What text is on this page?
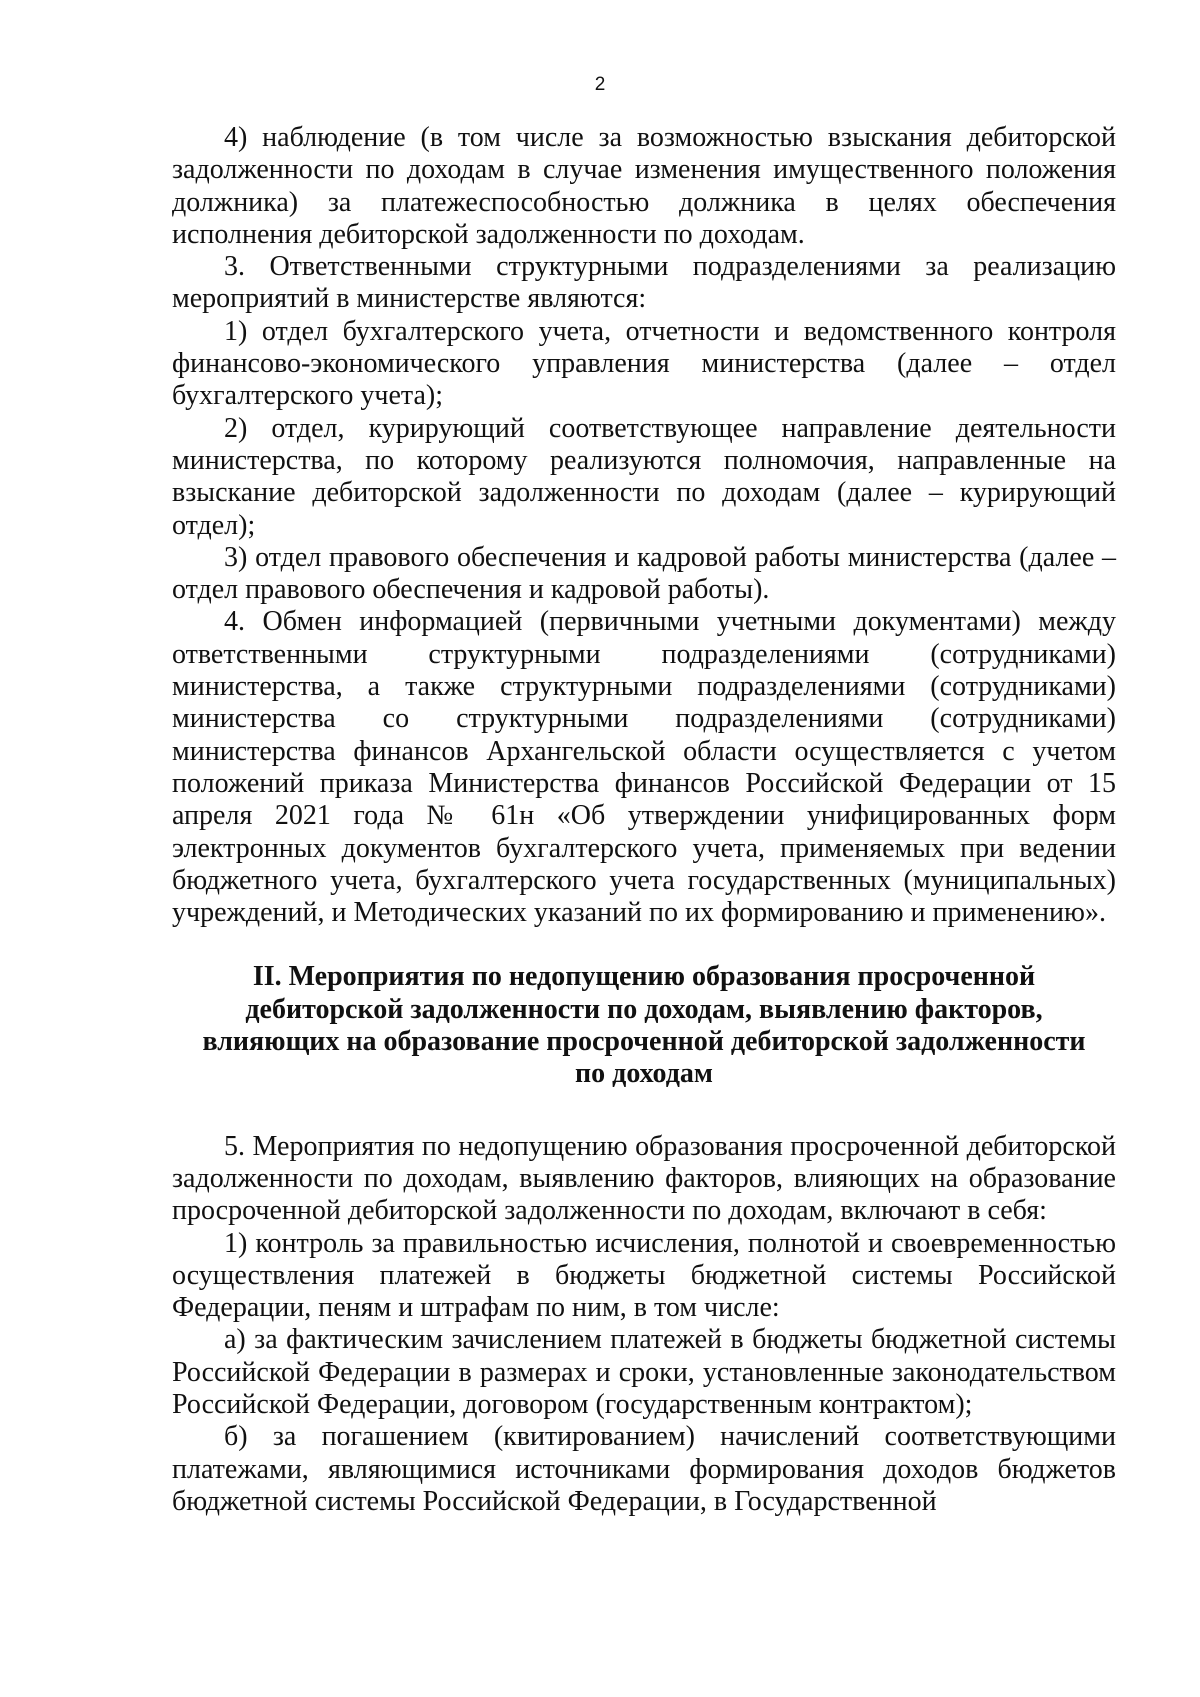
2

4) наблюдение (в том числе за возможностью взыскания дебиторской задолженности по доходам в случае изменения имущественного положения должника) за платежеспособностью должника в целях обеспечения исполнения дебиторской задолженности по доходам.

3. Ответственными структурными подразделениями за реализацию мероприятий в министерстве являются:

1) отдел бухгалтерского учета, отчетности и ведомственного контроля финансово-экономического управления министерства (далее – отдел бухгалтерского учета);

2) отдел, курирующий соответствующее направление деятельности министерства, по которому реализуются полномочия, направленные на взыскание дебиторской задолженности по доходам (далее – курирующий отдел);

3) отдел правового обеспечения и кадровой работы министерства (далее – отдел правового обеспечения и кадровой работы).

4. Обмен информацией (первичными учетными документами) между ответственными структурными подразделениями (сотрудниками) министерства, а также структурными подразделениями (сотрудниками) министерства со структурными подразделениями (сотрудниками) министерства финансов Архангельской области осуществляется с учетом положений приказа Министерства финансов Российской Федерации от 15 апреля 2021 года № 61н «Об утверждении унифицированных форм электронных документов бухгалтерского учета, применяемых при ведении бюджетного учета, бухгалтерского учета государственных (муниципальных) учреждений, и Методических указаний по их формированию и применению».

II. Мероприятия по недопущению образования просроченной
дебиторской задолженности по доходам, выявлению факторов,
влияющих на образование просроченной дебиторской задолженности
по доходам

5. Мероприятия по недопущению образования просроченной дебиторской задолженности по доходам, выявлению факторов, влияющих на образование просроченной дебиторской задолженности по доходам, включают в себя:

1) контроль за правильностью исчисления, полнотой и своевременностью осуществления платежей в бюджеты бюджетной системы Российской Федерации, пеням и штрафам по ним, в том числе:

а) за фактическим зачислением платежей в бюджеты бюджетной системы Российской Федерации в размерах и сроки, установленные законодательством Российской Федерации, договором (государственным контрактом);

б) за погашением (квитированием) начислений соответствующими платежами, являющимися источниками формирования доходов бюджетов бюджетной системы Российской Федерации, в Государственной
